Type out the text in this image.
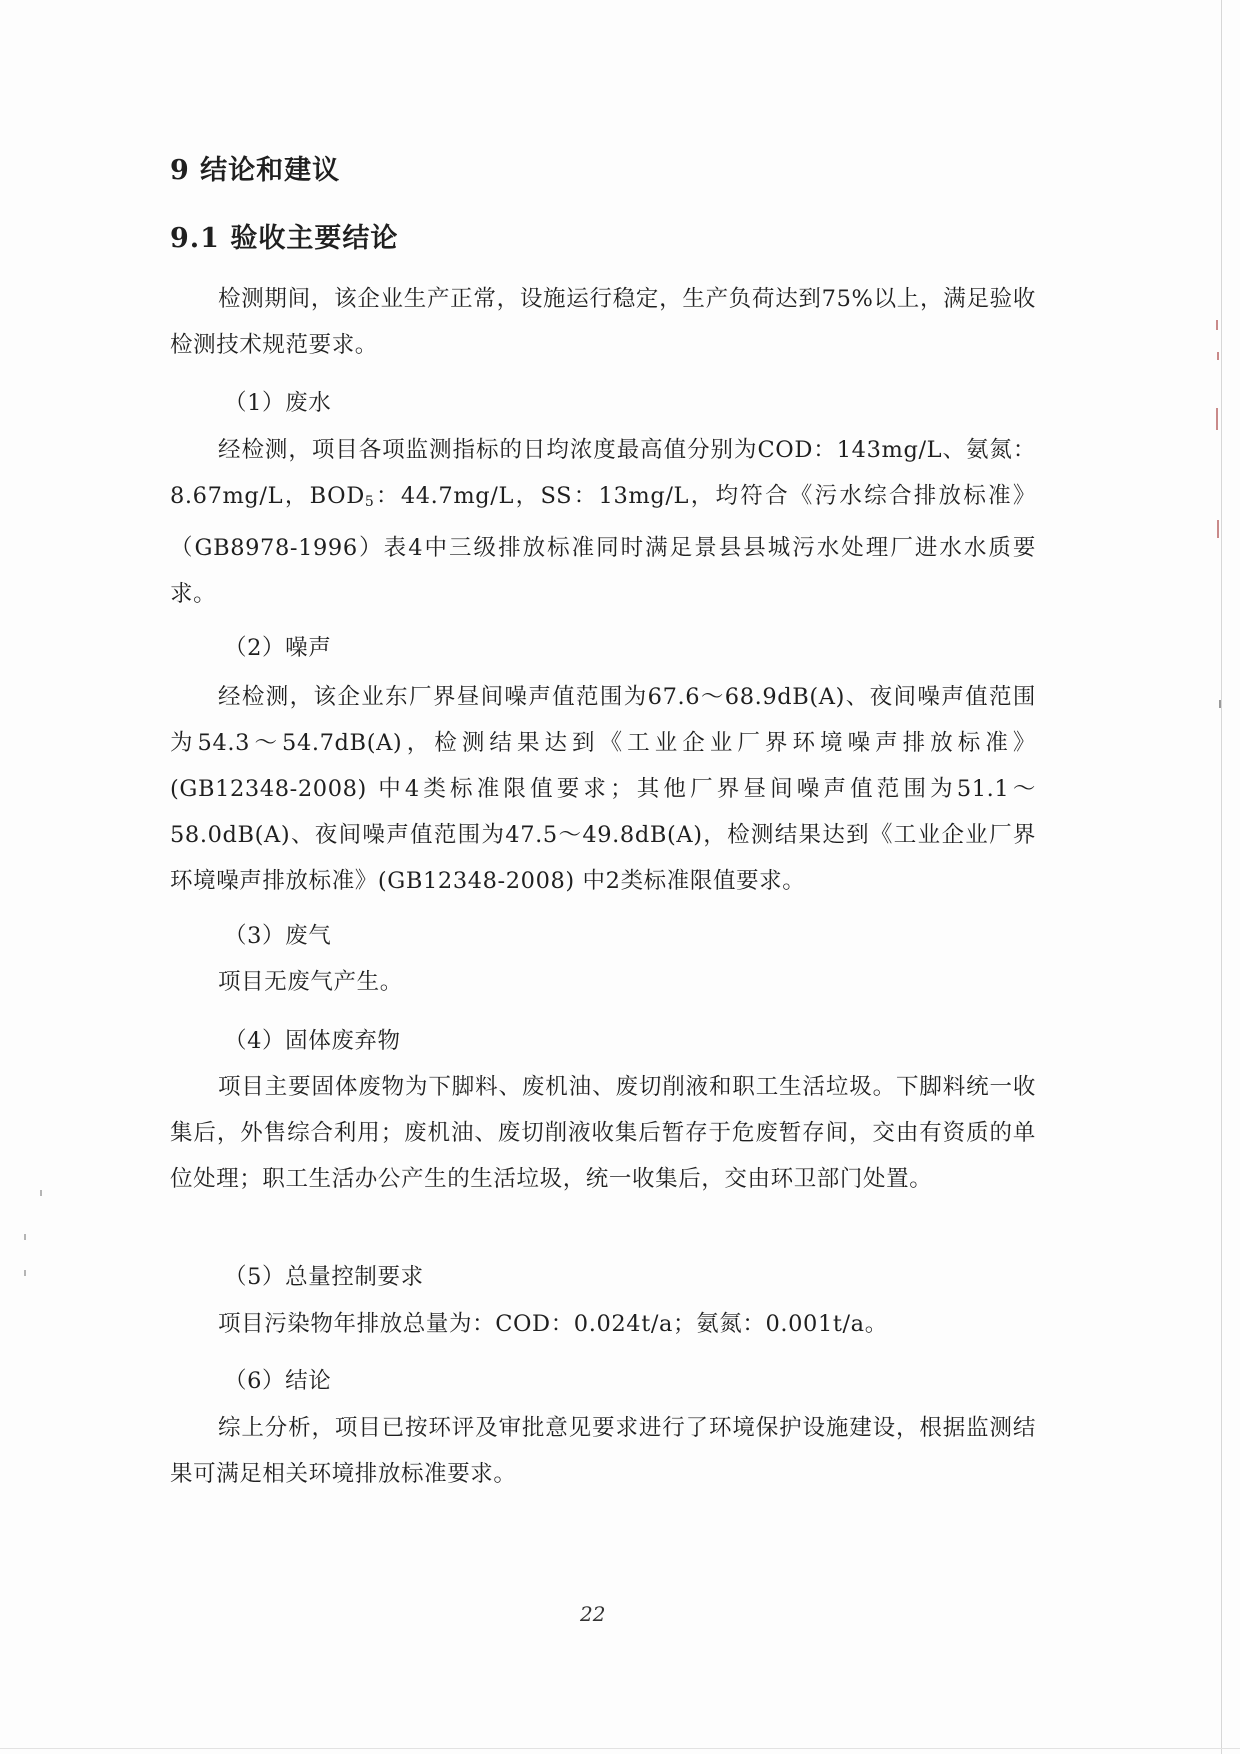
9 结论和建议
9.1 验收主要结论
检测期间，该企业生产正常，设施运行稳定，生产负荷达到75%以上，满足验收检测技术规范要求。
（1）废水
经检测，项目各项监测指标的日均浓度最高值分别为COD：143mg/L、氨氮：8.67mg/L，$BOD_5$：44.7mg/L，SS：13mg/L，均符合《污水综合排放标准》（GB8978-1996）表4中三级排放标准同时满足景县县城污水处理厂进水水质要求。
（2）噪声
经检测，该企业东厂界昼间噪声值范围为67.6～68.9dB(A)、夜间噪声值范围为54.3～54.7dB(A)，检测结果达到《工业企业厂界环境噪声排放标准》(GB12348-2008) 中4类标准限值要求；其他厂界昼间噪声值范围为51.1～58.0dB(A)、夜间噪声值范围为47.5～49.8dB(A)，检测结果达到《工业企业厂界环境噪声排放标准》(GB12348-2008) 中2类标准限值要求。
（3）废气
项目无废气产生。
（4）固体废弃物
项目主要固体废物为下脚料、废机油、废切削液和职工生活垃圾。下脚料统一收集后，外售综合利用；废机油、废切削液收集后暂存于危废暂存间，交由有资质的单位处理；职工生活办公产生的生活垃圾，统一收集后，交由环卫部门处置。
（5）总量控制要求
项目污染物年排放总量为：COD：0.024t/a；氨氮：0.001t/a。
（6）结论
综上分析，项目已按环评及审批意见要求进行了环境保护设施建设，根据监测结果可满足相关环境排放标准要求。
22
